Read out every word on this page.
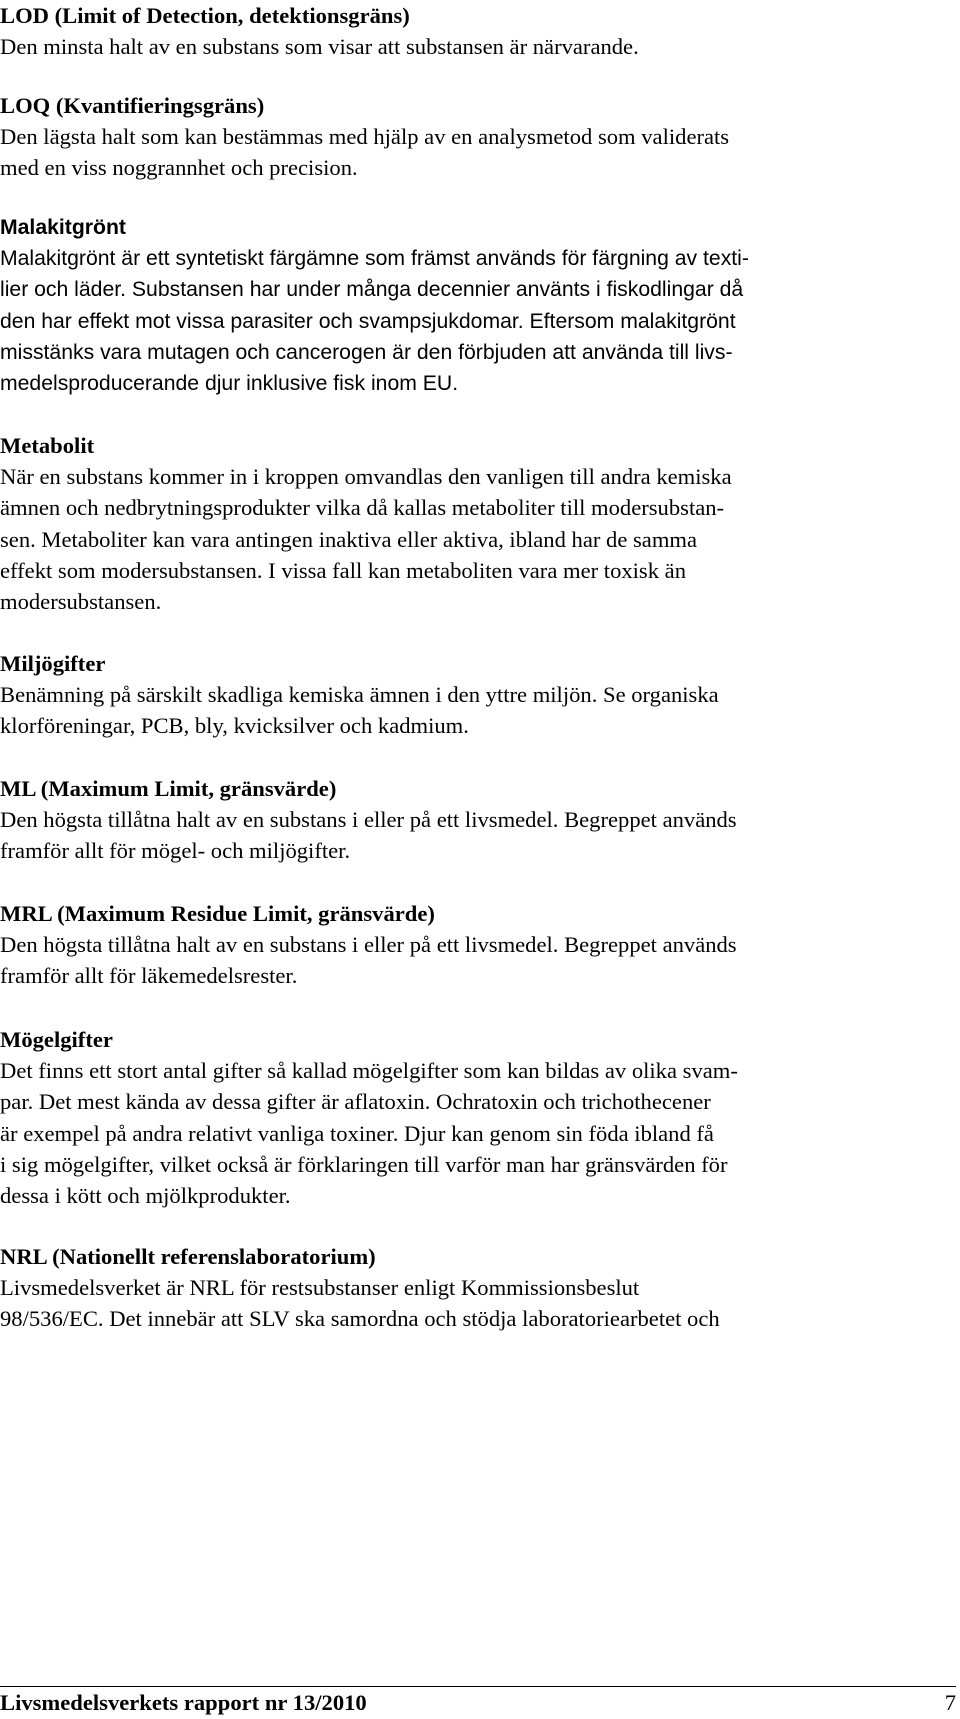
LOD (Limit of Detection, detektionsgräns)
Den minsta halt av en substans som visar att substansen är närvarande.
LOQ (Kvantifieringsgräns)
Den lägsta halt som kan bestämmas med hjälp av en analysmetod som validerats
med en viss noggrannhet och precision.
Malakitgrönt
Malakitgrönt är ett syntetiskt färgämne som främst används för färgning av texti-
lier och läder. Substansen har under många decennier använts i fiskodlingar då
den har effekt mot vissa parasiter och svampsjukdomar. Eftersom malakitgrönt
misstänks vara mutagen och cancerogen är den förbjuden att använda till livs-
medelsproducerande djur inklusive fisk inom EU.
Metabolit
När en substans kommer in i kroppen omvandlas den vanligen till andra kemiska
ämnen och nedbrytningsprodukter vilka då kallas metaboliter till modersubstan-
sen. Metaboliter kan vara antingen inaktiva eller aktiva, ibland har de samma
effekt som modersubstansen. I vissa fall kan metaboliten vara mer toxisk än
modersubstansen.
Miljögifter
Benämning på särskilt skadliga kemiska ämnen i den yttre miljön. Se organiska
klorföreningar, PCB, bly, kvicksilver och kadmium.
ML (Maximum Limit, gränsvärde)
Den högsta tillåtna halt av en substans i eller på ett livsmedel. Begreppet används
framför allt för mögel- och miljögifter.
MRL (Maximum Residue Limit, gränsvärde)
Den högsta tillåtna halt av en substans i eller på ett livsmedel. Begreppet används
framför allt för läkemedelsrester.
Mögelgifter
Det finns ett stort antal gifter så kallad mögelgifter som kan bildas av olika svam-
par. Det mest kända av dessa gifter är aflatoxin. Ochratoxin och trichothecener
är exempel på andra relativt vanliga toxiner. Djur kan genom sin föda ibland få
i sig mögelgifter, vilket också är förklaringen till varför man har gränsvärden för
dessa i kött och mjölkprodukter.
NRL (Nationellt referenslaboratorium)
Livsmedelsverket är NRL för restsubstanser enligt Kommissionsbeslut
98/536/EC. Det innebär att SLV ska samordna och stödja laboratoriearbetet och
Livsmedelsverkets rapport nr 13/2010	7
